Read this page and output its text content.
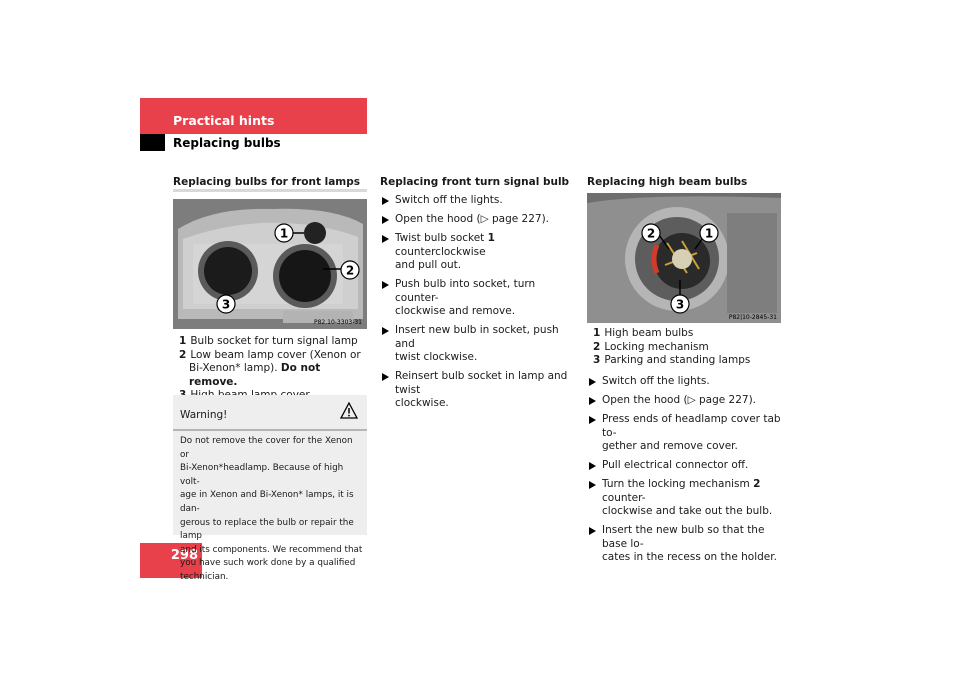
Practical hints
Replacing bulbs
298
Replacing bulbs for front lamps
1
2
3
P82.10-3303-31
1 Bulb socket for turn signal lamp
2 Low beam lamp cover (Xenon or
Bi-Xenon* lamp). Do not remove.
Warning!
Do not remove the cover for the Xenon or
Bi-Xenon*headlamp. Because of high volt-
age in Xenon and Bi-Xenon* lamps, it is dan-
gerous to replace the bulb or repair the lamp
and its components. We recommend that
you have such work done by a qualified
technician.
Replacing front turn signal bulb
Switch off the lights.
Open the hood (▷ page 227).
Twist bulb socket 1 counterclockwise
and pull out.
Push bulb into socket, turn counter-
clockwise and remove.
Insert new bulb in socket, push and
twist clockwise.
Reinsert bulb socket in lamp and twist
clockwise.
Replacing high beam bulbs
2	1
3
P82|10-2845-31
1 High beam bulbs
2 Locking mechanism
3 Parking and standing lamps
Switch off the lights.
Open the hood (▷ page 227).
Press ends of headlamp cover tab to-
gether and remove cover.
Pull electrical connector off.
Turn the locking mechanism 2 counter-
clockwise and take out the bulb.
Insert the new bulb so that the base lo-
cates in the recess on the holder.
